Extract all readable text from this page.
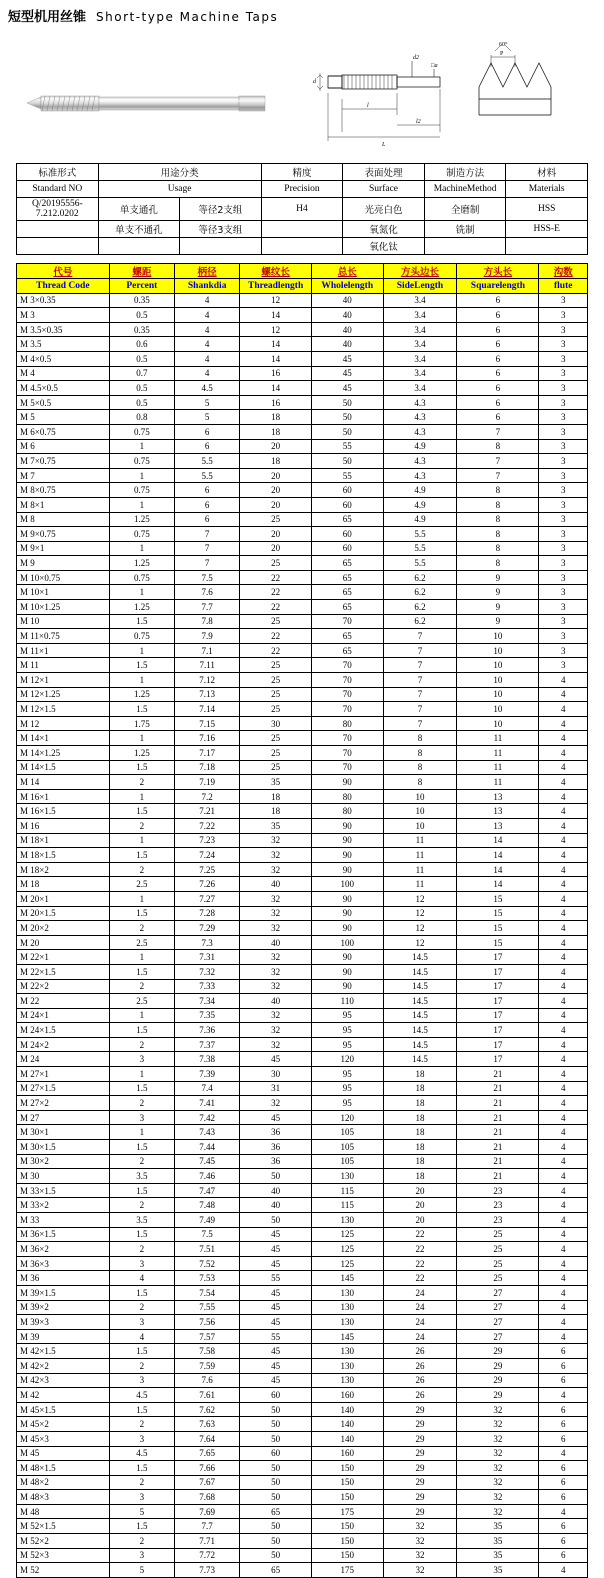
短型机用丝锥 Short-type Machine Taps
d
l
l2
L
d2
□a
60°
P
标准形式	用途分类		精度	表面处理	制造方法	材料
Standard NO	Usage		Precision	Surface	MachineMethod	Materials
Q/20195556-7.212.0202	单支通孔	等径2支组	H4	光亮白色	全磨制	HSS
	单支不通孔	等径3支组		氧氮化	铣制	HSS-E
				氧化钛		
代号	螺距	柄径	螺纹长	总长	方头边长	方头长	沟数
Thread Code	Percent	Shankdia	Threadlength	Wholelength	SideLength	Squarelength	flute
M 3×0.35	0.35	4	12	40	3.4	6	3
M 3	0.5	4	14	40	3.4	6	3
M 3.5×0.35	0.35	4	12	40	3.4	6	3
M 3.5	0.6	4	14	40	3.4	6	3
M 4×0.5	0.5	4	14	45	3.4	6	3
M 4	0.7	4	16	45	3.4	6	3
M 4.5×0.5	0.5	4.5	14	45	3.4	6	3
M 5×0.5	0.5	5	16	50	4.3	6	3
M 5	0.8	5	18	50	4.3	6	3
M 6×0.75	0.75	6	18	50	4.3	7	3
M 6	1	6	20	55	4.9	8	3
M 7×0.75	0.75	5.5	18	50	4.3	7	3
M 7	1	5.5	20	55	4.3	7	3
M 8×0.75	0.75	6	20	60	4.9	8	3
M 8×1	1	6	20	60	4.9	8	3
M 8	1.25	6	25	65	4.9	8	3
M 9×0.75	0.75	7	20	60	5.5	8	3
M 9×1	1	7	20	60	5.5	8	3
M 9	1.25	7	25	65	5.5	8	3
M 10×0.75	0.75	7.5	22	65	6.2	9	3
M 10×1	1	7.6	22	65	6.2	9	3
M 10×1.25	1.25	7.7	22	65	6.2	9	3
M 10	1.5	7.8	25	70	6.2	9	3
M 11×0.75	0.75	7.9	22	65	7	10	3
M 11×1	1	7.1	22	65	7	10	3
M 11	1.5	7.11	25	70	7	10	3
M 12×1	1	7.12	25	70	7	10	4
M 12×1.25	1.25	7.13	25	70	7	10	4
M 12×1.5	1.5	7.14	25	70	7	10	4
M 12	1.75	7.15	30	80	7	10	4
M 14×1	1	7.16	25	70	8	11	4
M 14×1.25	1.25	7.17	25	70	8	11	4
M 14×1.5	1.5	7.18	25	70	8	11	4
M 14	2	7.19	35	90	8	11	4
M 16×1	1	7.2	18	80	10	13	4
M 16×1.5	1.5	7.21	18	80	10	13	4
M 16	2	7.22	35	90	10	13	4
M 18×1	1	7.23	32	90	11	14	4
M 18×1.5	1.5	7.24	32	90	11	14	4
M 18×2	2	7.25	32	90	11	14	4
M 18	2.5	7.26	40	100	11	14	4
M 20×1	1	7.27	32	90	12	15	4
M 20×1.5	1.5	7.28	32	90	12	15	4
M 20×2	2	7.29	32	90	12	15	4
M 20	2.5	7.3	40	100	12	15	4
M 22×1	1	7.31	32	90	14.5	17	4
M 22×1.5	1.5	7.32	32	90	14.5	17	4
M 22×2	2	7.33	32	90	14.5	17	4
M 22	2.5	7.34	40	110	14.5	17	4
M 24×1	1	7.35	32	95	14.5	17	4
M 24×1.5	1.5	7.36	32	95	14.5	17	4
M 24×2	2	7.37	32	95	14.5	17	4
M 24	3	7.38	45	120	14.5	17	4
M 27×1	1	7.39	30	95	18	21	4
M 27×1.5	1.5	7.4	31	95	18	21	4
M 27×2	2	7.41	32	95	18	21	4
M 27	3	7.42	45	120	18	21	4
M 30×1	1	7.43	36	105	18	21	4
M 30×1.5	1.5	7.44	36	105	18	21	4
M 30×2	2	7.45	36	105	18	21	4
M 30	3.5	7.46	50	130	18	21	4
M 33×1.5	1.5	7.47	40	115	20	23	4
M 33×2	2	7.48	40	115	20	23	4
M 33	3.5	7.49	50	130	20	23	4
M 36×1.5	1.5	7.5	45	125	22	25	4
M 36×2	2	7.51	45	125	22	25	4
M 36×3	3	7.52	45	125	22	25	4
M 36	4	7.53	55	145	22	25	4
M 39×1.5	1.5	7.54	45	130	24	27	4
M 39×2	2	7.55	45	130	24	27	4
M 39×3	3	7.56	45	130	24	27	4
M 39	4	7.57	55	145	24	27	4
M 42×1.5	1.5	7.58	45	130	26	29	6
M 42×2	2	7.59	45	130	26	29	6
M 42×3	3	7.6	45	130	26	29	6
M 42	4.5	7.61	60	160	26	29	4
M 45×1.5	1.5	7.62	50	140	29	32	6
M 45×2	2	7.63	50	140	29	32	6
M 45×3	3	7.64	50	140	29	32	6
M 45	4.5	7.65	60	160	29	32	4
M 48×1.5	1.5	7.66	50	150	29	32	6
M 48×2	2	7.67	50	150	29	32	6
M 48×3	3	7.68	50	150	29	32	6
M 48	5	7.69	65	175	29	32	4
M 52×1.5	1.5	7.7	50	150	32	35	6
M 52×2	2	7.71	50	150	32	35	6
M 52×3	3	7.72	50	150	32	35	6
M 52	5	7.73	65	175	32	35	4
